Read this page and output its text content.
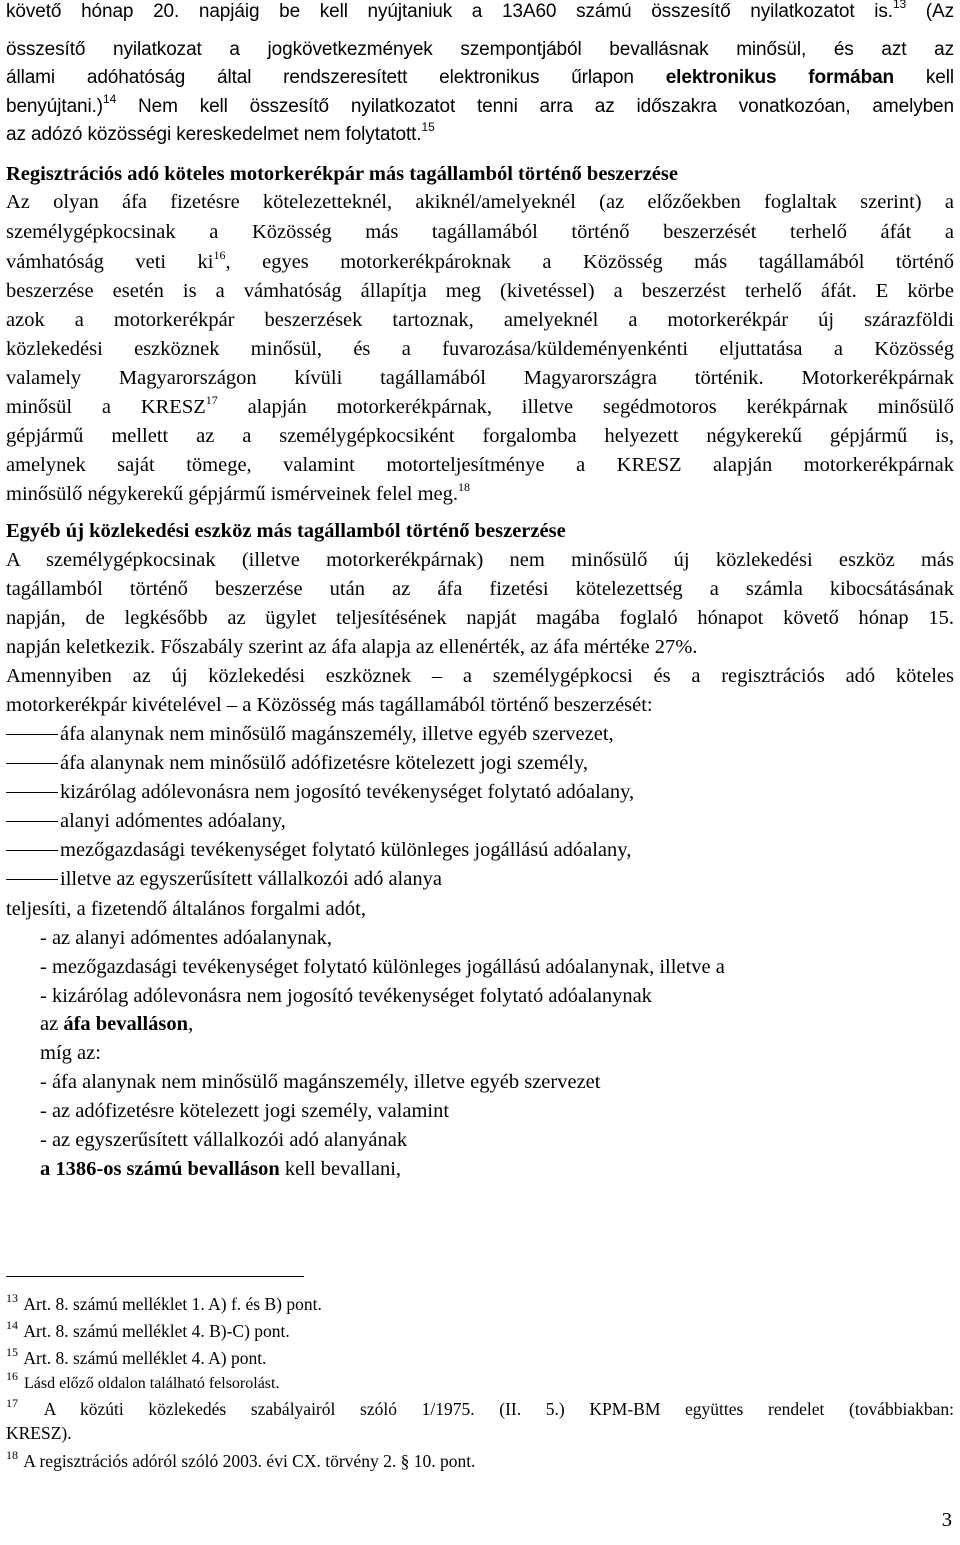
követő hónap 20. napjáig be kell nyújtaniuk a 13A60 számú összesítő nyilatkozatot is.$^{13}$ (Az
összesítő nyilatkozat a jogkövetkezmények szempontjából bevallásnak minősül, és azt az
állami adóhatóság által rendszeresített elektronikus űrlapon elektronikus formában kell
benyújtani.)$^{14}$ Nem kell összesítő nyilatkozatot tenni arra az időszakra vonatkozóan, amelyben
az adózó közösségi kereskedelmet nem folytatott.$^{15}$
Regisztrációs adó köteles motorkerékpár más tagállamból történő beszerzése
Az olyan áfa fizetésre kötelezetteknél, akiknél/amelyeknél (az előzőekben foglaltak szerint) a
személygépkocsinak a Közösség más tagállamából történő beszerzését terhelő áfát a
vámhatóság veti $ki^{16}$, egyes motorkerékpároknak a Közösség más tagállamából történő
beszerzése esetén is a vámhatóság állapítja meg (kivetéssel) a beszerzést terhelő áfát. E körbe
azok a motorkerékpár beszerzések tartoznak, amelyeknél a motorkerékpár új szárazföldi
közlekedési eszköznek minősül, és a fuvarozása/küldeményenkénti eljuttatása a Közösség
valamely Magyarországon kívüli tagállamából Magyarországra történik. Motorkerékpárnak
minősül a KRESZ$^{17}$ alapján motorkerékpárnak, illetve segédmotoros kerékpárnak minősülő
gépjármű mellett az a személygépkocsiként forgalomba helyezett négykerekű gépjármű is,
amelynek saját tömege, valamint motorteljesítménye a KRESZ alapján motorkerékpárnak
minősülő négykerekű gépjármű ismérveinek felel meg.$^{18}$
Egyéb új közlekedési eszköz más tagállamból történő beszerzése
A személygépkocsinak (illetve motorkerékpárnak) nem minősülő új közlekedési eszköz más
tagállamból történő beszerzése után az áfa fizetési kötelezettség a számla kibocsátásának
napján, de legkésőbb az ügylet teljesítésének napját magába foglaló hónapot követő hónap 15.
napján keletkezik. Főszabály szerint az áfa alapja az ellenérték, az áfa mértéke 27%.
Amennyiben az új közlekedési eszköznek – a személygépkocsi és a regisztrációs adó köteles
motorkerékpár kivételével – a Közösség más tagállamából történő beszerzését:
áfa alanynak nem minősülő magánszemély, illetve egyéb szervezet,
áfa alanynak nem minősülő adófizetésre kötelezett jogi személy,
kizárólag adólevonásra nem jogosító tevékenységet folytató adóalany,
alanyi adómentes adóalany,
mezőgazdasági tevékenységet folytató különleges jogállású adóalany,
illetve az egyszerűsített vállalkozói adó alanya
teljesíti, a fizetendő általános forgalmi adót,
- az alanyi adómentes adóalanynak,
- mezőgazdasági tevékenységet folytató különleges jogállású adóalanynak, illetve a
- kizárólag adólevonásra nem jogosító tevékenységet folytató adóalanynak
az áfa bevalláson,
míg az:
- áfa alanynak nem minősülő magánszemély, illetve egyéb szervezet
- az adófizetésre kötelezett jogi személy, valamint
- az egyszerűsített vállalkozói adó alanyának
a 1386-os számú bevalláson kell bevallani,
$^{13}$ Art. 8. számú melléklet 1. A) f. és B) pont.
$^{14}$ Art. 8. számú melléklet 4. B)-C) pont.
$^{15}$ Art. 8. számú melléklet 4. A) pont.
$^{16}$ Lásd előző oldalon található felsorolást.
$^{17}$ A közúti közlekedés szabályairól szóló 1/1975. (II. 5.) KPM-BM együttes rendelet (továbbiakban:
KRESZ).
$^{18}$ A regisztrációs adóról szóló 2003. évi CX. törvény 2. § 10. pont.
3
